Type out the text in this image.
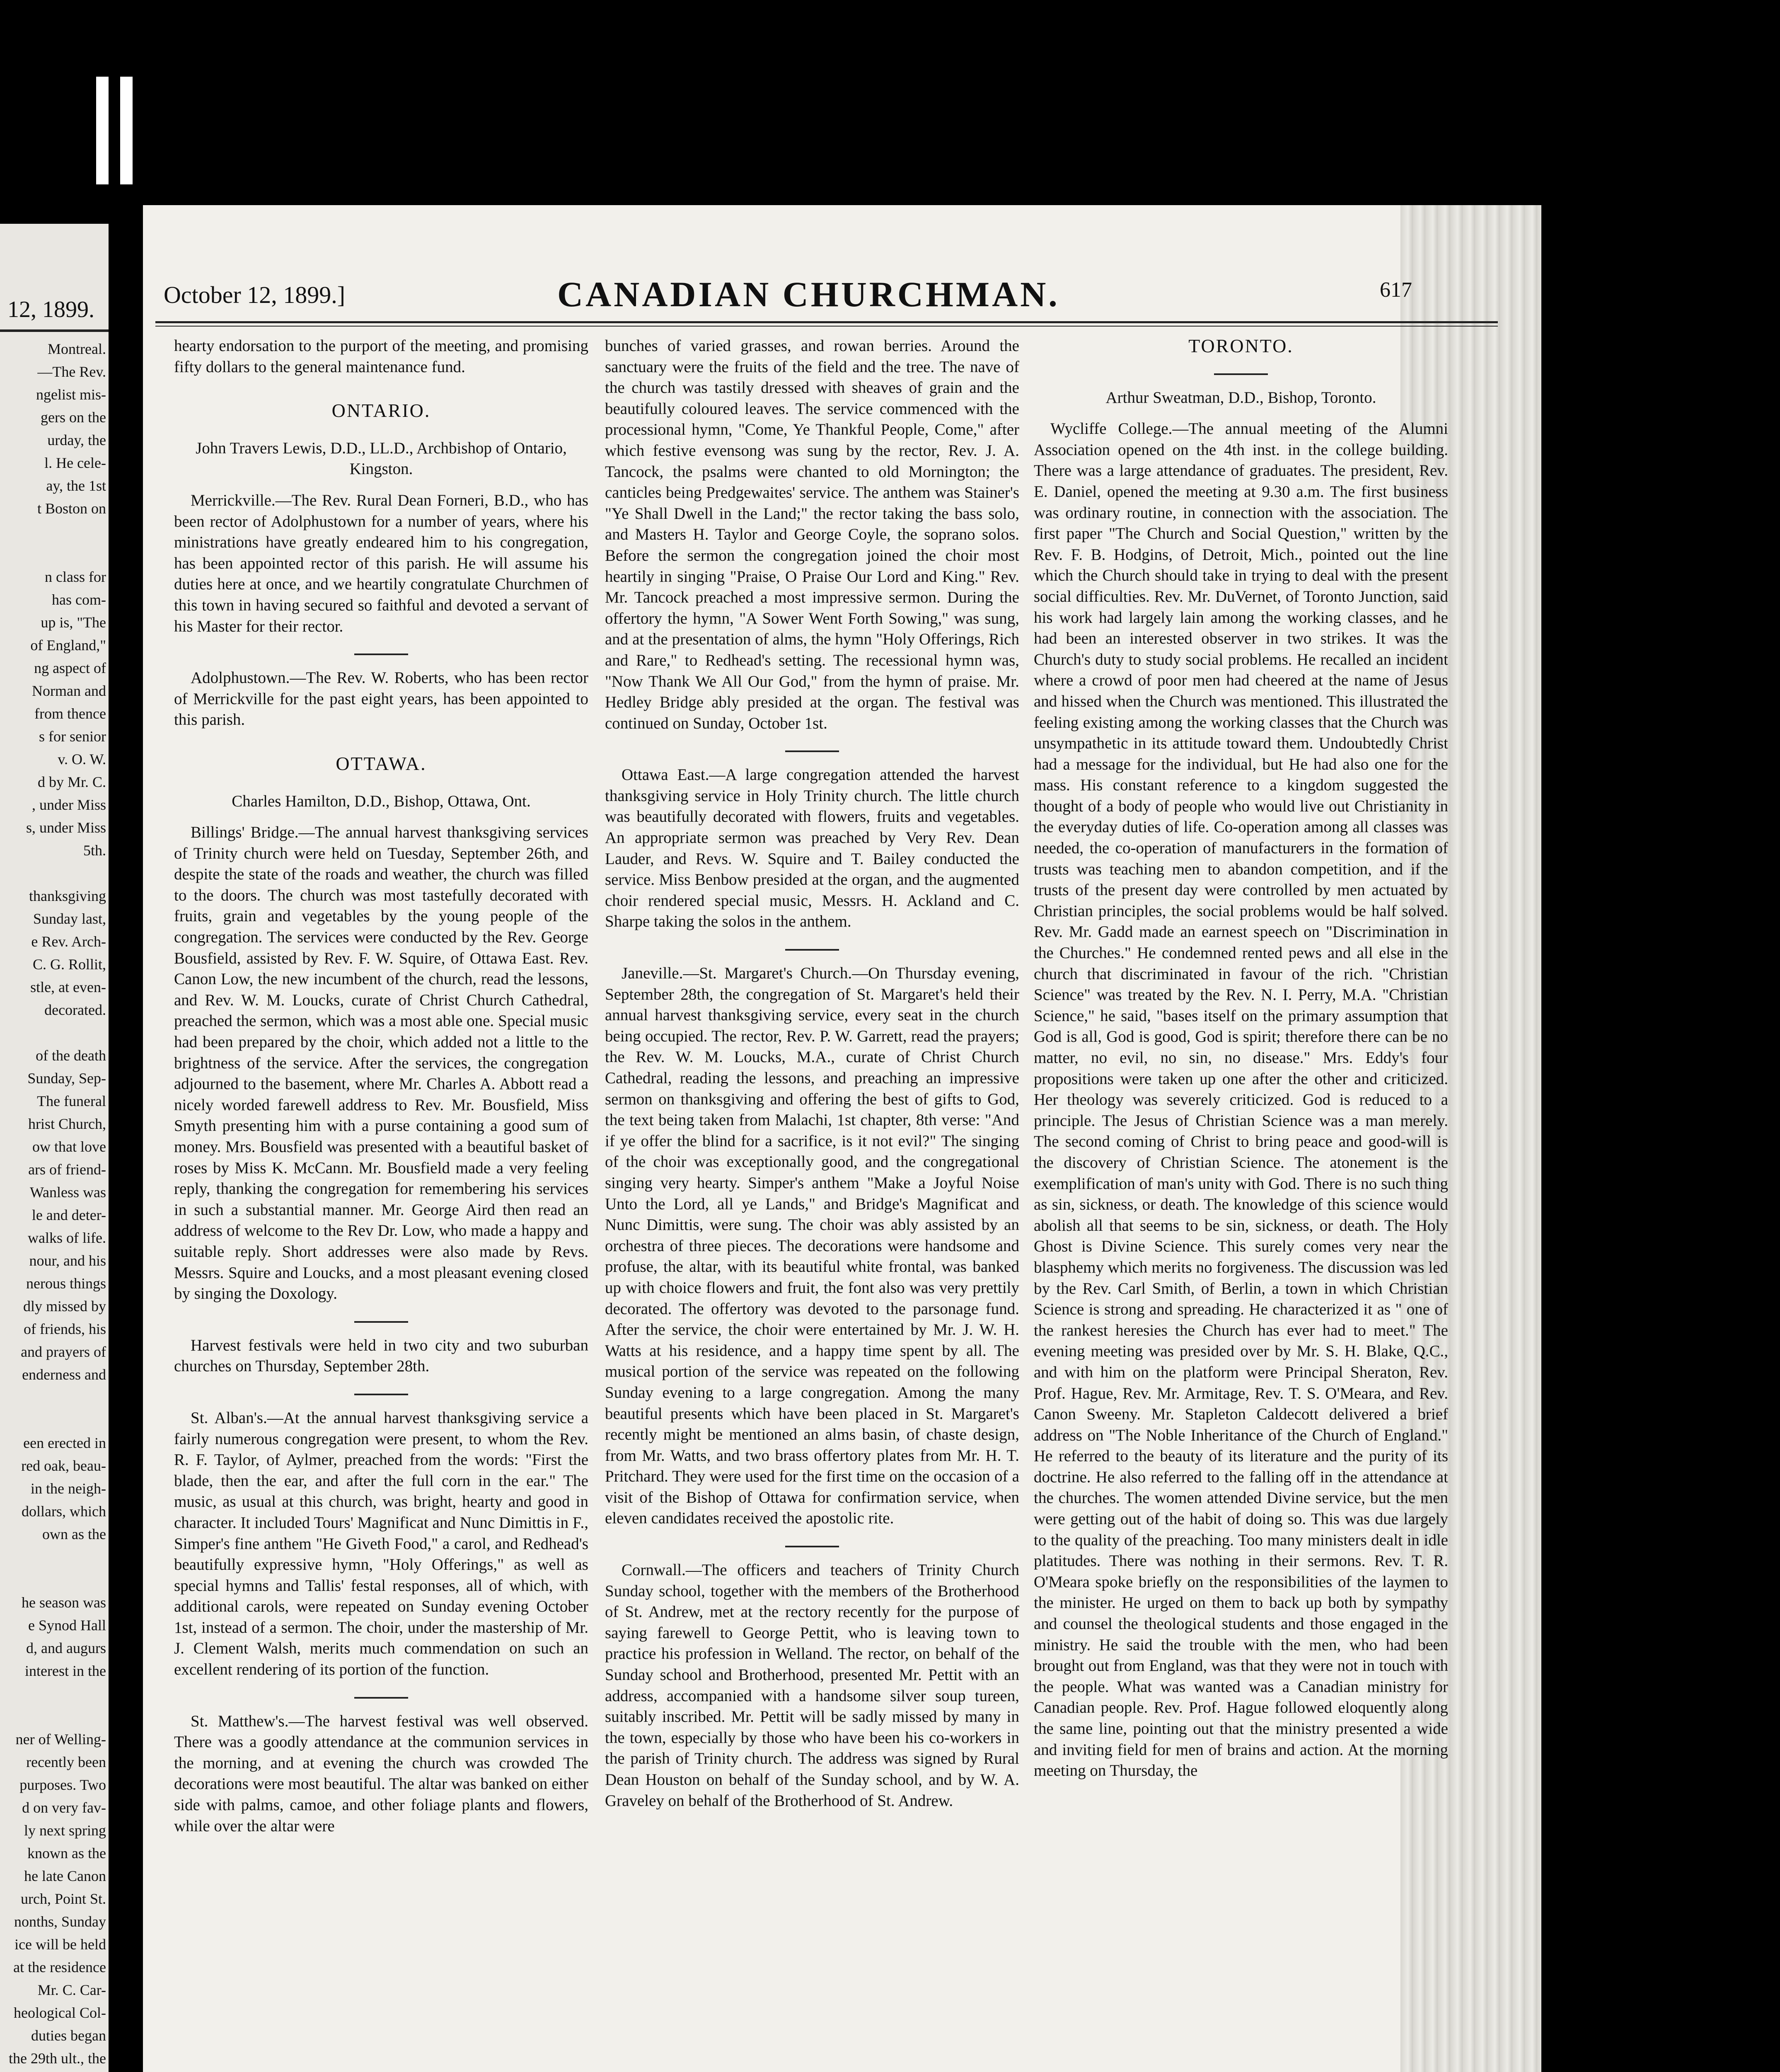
12, 1899.
Montreal.
—The Rev.
ngelist mis-
gers on the
urday, the
l. He cele-
ay, the 1st
t Boston on
n class for
has com-
up is, "The
of England,"
ng aspect of
Norman and
from thence
s for senior
v. O. W.
d by Mr. C.
, under Miss
s, under Miss
5th.
thanksgiving
Sunday last,
e Rev. Arch-
C. G. Rollit,
stle, at even-
decorated.
of the death
Sunday, Sep-
The funeral
hrist Church,
ow that love
ars of friend-
Wanless was
le and deter-
walks of life.
nour, and his
nerous things
dly missed by
of friends, his
and prayers of
enderness and
een erected in
red oak, beau-
in the neigh-
dollars, which
own as the
he season was
e Synod Hall
d, and augurs
interest in the
ner of Welling-
recently been
purposes. Two
d on very fav-
ly next spring
known as the
he late Canon
urch, Point St.
nonths, Sunday
ice will be held
at the residence
Mr. C. Car-
heological Col-
duties began
the 29th ult., the
October 12, 1899.]	CANADIAN CHURCHMAN.	617

hearty endorsation to the purport of the meeting, and promising fifty dollars to the general maintenance fund.

ONTARIO.

John Travers Lewis, D.D., LL.D., Archbishop of Ontario, Kingston.

Merrickville.—The Rev. Rural Dean Forneri, B.D., who has been rector of Adolphustown for a number of years, where his ministrations have greatly endeared him to his congregation, has been appointed rector of this parish. He will assume his duties here at once, and we heartily congratulate Churchmen of this town in having secured so faithful and devoted a servant of his Master for their rector.

Adolphustown.—The Rev. W. Roberts, who has been rector of Merrickville for the past eight years, has been appointed to this parish.

OTTAWA.

Charles Hamilton, D.D., Bishop, Ottawa, Ont.

Billings' Bridge.—The annual harvest thanksgiving services of Trinity church were held on Tuesday, September 26th, and despite the state of the roads and weather, the church was filled to the doors. The church was most tastefully decorated with fruits, grain and vegetables by the young people of the congregation. The services were conducted by the Rev. George Bousfield, assisted by Rev. F. W. Squire, of Ottawa East. Rev. Canon Low, the new incumbent of the church, read the lessons, and Rev. W. M. Loucks, curate of Christ Church Cathedral, preached the sermon, which was a most able one. Special music had been prepared by the choir, which added not a little to the brightness of the service. After the services, the congregation adjourned to the basement, where Mr. Charles A. Abbott read a nicely worded farewell address to Rev. Mr. Bousfield, Miss Smyth presenting him with a purse containing a good sum of money. Mrs. Bousfield was presented with a beautiful basket of roses by Miss K. McCann. Mr. Bousfield made a very feeling reply, thanking the congregation for remembering his services in such a substantial manner. Mr. George Aird then read an address of welcome to the Rev Dr. Low, who made a happy and suitable reply. Short addresses were also made by Revs. Messrs. Squire and Loucks, and a most pleasant evening closed by singing the Doxology.

Harvest festivals were held in two city and two suburban churches on Thursday, September 28th.

St. Alban's.—At the annual harvest thanksgiving service a fairly numerous congregation were present, to whom the Rev. R. F. Taylor, of Aylmer, preached from the words: "First the blade, then the ear, and after the full corn in the ear." The music, as usual at this church, was bright, hearty and good in character. It included Tours' Magnificat and Nunc Dimittis in F., Simper's fine anthem "He Giveth Food," a carol, and Redhead's beautifully expressive hymn, "Holy Offerings," as well as special hymns and Tallis' festal responses, all of which, with additional carols, were repeated on Sunday evening October 1st, instead of a sermon. The choir, under the mastership of Mr. J. Clement Walsh, merits much commendation on such an excellent rendering of its portion of the function.

St. Matthew's.—The harvest festival was well observed. There was a goodly attendance at the communion services in the morning, and at evening the church was crowded The decorations were most beautiful. The altar was banked on either side with palms, camoe, and other foliage plants and flowers, while over the altar were

bunches of varied grasses, and rowan berries. Around the sanctuary were the fruits of the field and the tree. The nave of the church was tastily dressed with sheaves of grain and the beautifully coloured leaves. The service commenced with the processional hymn, "Come, Ye Thankful People, Come," after which festive evensong was sung by the rector, Rev. J. A. Tancock, the psalms were chanted to old Mornington; the canticles being Predgewaites' service. The anthem was Stainer's "Ye Shall Dwell in the Land;" the rector taking the bass solo, and Masters H. Taylor and George Coyle, the soprano solos. Before the sermon the congregation joined the choir most heartily in singing "Praise, O Praise Our Lord and King." Rev. Mr. Tancock preached a most impressive sermon. During the offertory the hymn, "A Sower Went Forth Sowing," was sung, and at the presentation of alms, the hymn "Holy Offerings, Rich and Rare," to Redhead's setting. The recessional hymn was, "Now Thank We All Our God," from the hymn of praise. Mr. Hedley Bridge ably presided at the organ. The festival was continued on Sunday, October 1st.

Ottawa East.—A large congregation attended the harvest thanksgiving service in Holy Trinity church. The little church was beautifully decorated with flowers, fruits and vegetables. An appropriate sermon was preached by Very Rev. Dean Lauder, and Revs. W. Squire and T. Bailey conducted the service. Miss Benbow presided at the organ, and the augmented choir rendered special music, Messrs. H. Ackland and C. Sharpe taking the solos in the anthem.

Janeville.—St. Margaret's Church.—On Thursday evening, September 28th, the congregation of St. Margaret's held their annual harvest thanksgiving service, every seat in the church being occupied. The rector, Rev. P. W. Garrett, read the prayers; the Rev. W. M. Loucks, M.A., curate of Christ Church Cathedral, reading the lessons, and preaching an impressive sermon on thanksgiving and offering the best of gifts to God, the text being taken from Malachi, 1st chapter, 8th verse: "And if ye offer the blind for a sacrifice, is it not evil?" The singing of the choir was exceptionally good, and the congregational singing very hearty. Simper's anthem "Make a Joyful Noise Unto the Lord, all ye Lands," and Bridge's Magnificat and Nunc Dimittis, were sung. The choir was ably assisted by an orchestra of three pieces. The decorations were handsome and profuse, the altar, with its beautiful white frontal, was banked up with choice flowers and fruit, the font also was very prettily decorated. The offertory was devoted to the parsonage fund. After the service, the choir were entertained by Mr. J. W. H. Watts at his residence, and a happy time spent by all. The musical portion of the service was repeated on the following Sunday evening to a large congregation. Among the many beautiful presents which have been placed in St. Margaret's recently might be mentioned an alms basin, of chaste design, from Mr. Watts, and two brass offertory plates from Mr. H. T. Pritchard. They were used for the first time on the occasion of a visit of the Bishop of Ottawa for confirmation service, when eleven candidates received the apostolic rite.

Cornwall.—The officers and teachers of Trinity Church Sunday school, together with the members of the Brotherhood of St. Andrew, met at the rectory recently for the purpose of saying farewell to George Pettit, who is leaving town to practice his profession in Welland. The rector, on behalf of the Sunday school and Brotherhood, presented Mr. Pettit with an address, accompanied with a handsome silver soup tureen, suitably inscribed. Mr. Pettit will be sadly missed by many in the town, especially by those who have been his co-workers in the parish of Trinity church. The address was signed by Rural Dean Houston on behalf of the Sunday school, and by W. A. Graveley on behalf of the Brotherhood of St. Andrew.

TORONTO.

Arthur Sweatman, D.D., Bishop, Toronto.

Wycliffe College.—The annual meeting of the Alumni Association opened on the 4th inst. in the college building. There was a large attendance of graduates. The president, Rev. E. Daniel, opened the meeting at 9.30 a.m. The first business was ordinary routine, in connection with the association. The first paper "The Church and Social Question," written by the Rev. F. B. Hodgins, of Detroit, Mich., pointed out the line which the Church should take in trying to deal with the present social difficulties. Rev. Mr. DuVernet, of Toronto Junction, said his work had largely lain among the working classes, and he had been an interested observer in two strikes. It was the Church's duty to study social problems. He recalled an incident where a crowd of poor men had cheered at the name of Jesus and hissed when the Church was mentioned. This illustrated the feeling existing among the working classes that the Church was unsympathetic in its attitude toward them. Undoubtedly Christ had a message for the individual, but He had also one for the mass. His constant reference to a kingdom suggested the thought of a body of people who would live out Christianity in the everyday duties of life. Co-operation among all classes was needed, the co-operation of manufacturers in the formation of trusts was teaching men to abandon competition, and if the trusts of the present day were controlled by men actuated by Christian principles, the social problems would be half solved. Rev. Mr. Gadd made an earnest speech on "Discrimination in the Churches." He condemned rented pews and all else in the church that discriminated in favour of the rich. "Christian Science" was treated by the Rev. N. I. Perry, M.A. "Christian Science," he said, "bases itself on the primary assumption that God is all, God is good, God is spirit; therefore there can be no matter, no evil, no sin, no disease." Mrs. Eddy's four propositions were taken up one after the other and criticized. Her theology was severely criticized. God is reduced to a principle. The Jesus of Christian Science was a man merely. The second coming of Christ to bring peace and good-will is the discovery of Christian Science. The atonement is the exemplification of man's unity with God. There is no such thing as sin, sickness, or death. The knowledge of this science would abolish all that seems to be sin, sickness, or death. The Holy Ghost is Divine Science. This surely comes very near the blasphemy which merits no forgiveness. The discussion was led by the Rev. Carl Smith, of Berlin, a town in which Christian Science is strong and spreading. He characterized it as " one of the rankest heresies the Church has ever had to meet." The evening meeting was presided over by Mr. S. H. Blake, Q.C., and with him on the platform were Principal Sheraton, Rev. Prof. Hague, Rev. Mr. Armitage, Rev. T. S. O'Meara, and Rev. Canon Sweeny. Mr. Stapleton Caldecott delivered a brief address on "The Noble Inheritance of the Church of England." He referred to the beauty of its literature and the purity of its doctrine. He also referred to the falling off in the attendance at the churches. The women attended Divine service, but the men were getting out of the habit of doing so. This was due largely to the quality of the preaching. Too many ministers dealt in idle platitudes. There was nothing in their sermons. Rev. T. R. O'Meara spoke briefly on the responsibilities of the laymen to the minister. He urged on them to back up both by sympathy and counsel the theological students and those engaged in the ministry. He said the trouble with the men, who had been brought out from England, was that they were not in touch with the people. What was wanted was a Canadian ministry for Canadian people. Rev. Prof. Hague followed eloquently along the same line, pointing out that the ministry presented a wide and inviting field for men of brains and action. At the morning meeting on Thursday, the
